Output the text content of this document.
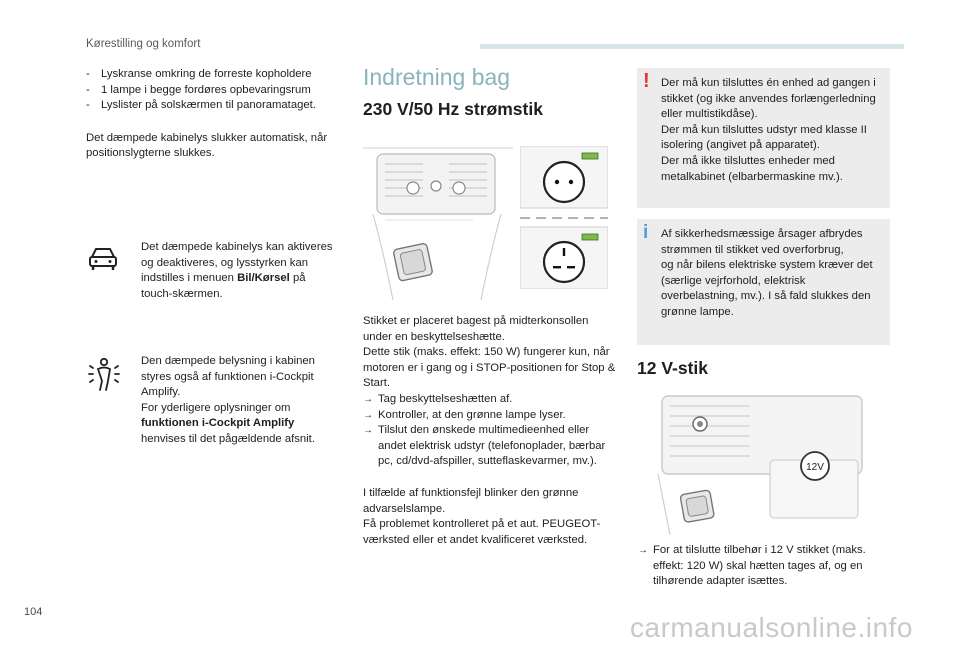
Kørestilling og komfort
- Lyskranse omkring de forreste kopholdere
- 1 lampe i begge fordøres opbevaringsrum
- Lyslister på solskærmen til panoramataget.
Det dæmpede kabinelys slukker automatisk, når positionslygterne slukkes.
Det dæmpede kabinelys kan aktiveres og deaktiveres, og lysstyrken kan indstilles i menuen Bil/Kørsel på touch-skærmen.
Den dæmpede belysning i kabinen styres også af funktionen i-Cockpit Amplify.
For yderligere oplysninger om funktionen i-Cockpit Amplify henvises til det pågældende afsnit.
Indretning bag
230 V/50 Hz strømstik
Stikket er placeret bagest på midterkonsollen under en beskyttelseshætte.
Dette stik (maks. effekt: 150 W) fungerer kun, når motoren er i gang og i STOP-positionen for Stop & Start.
→ Tag beskyttelseshætten af.
→ Kontroller, at den grønne lampe lyser.
→ Tilslut den ønskede multimedieenhed eller andet elektrisk udstyr (telefonoplader, bærbar pc, cd/dvd-afspiller, sutteflaskevarmer, mv.).
I tilfælde af funktionsfejl blinker den grønne advarselslampe.
Få problemet kontrolleret på et aut. PEUGEOT-værksted eller et andet kvalificeret værksted.
! Der må kun tilsluttes én enhed ad gangen i stikket (og ikke anvendes forlængerledning eller multistikdåse).
Der må kun tilsluttes udstyr med klasse II isolering (angivet på apparatet).
Der må ikke tilsluttes enheder med metalkabinet (elbarbermaskine mv.).
i Af sikkerhedsmæssige årsager afbrydes strømmen til stikket ved overforbrug,
og når bilens elektriske system kræver det (særlige vejrforhold, elektrisk overbelastning, mv.). I så fald slukkes den grønne lampe.
12 V-stik
12V
→ For at tilslutte tilbehør i 12 V stikket (maks. effekt: 120 W) skal hætten tages af, og en tilhørende adapter isættes.
104	carmanualsonline.info
